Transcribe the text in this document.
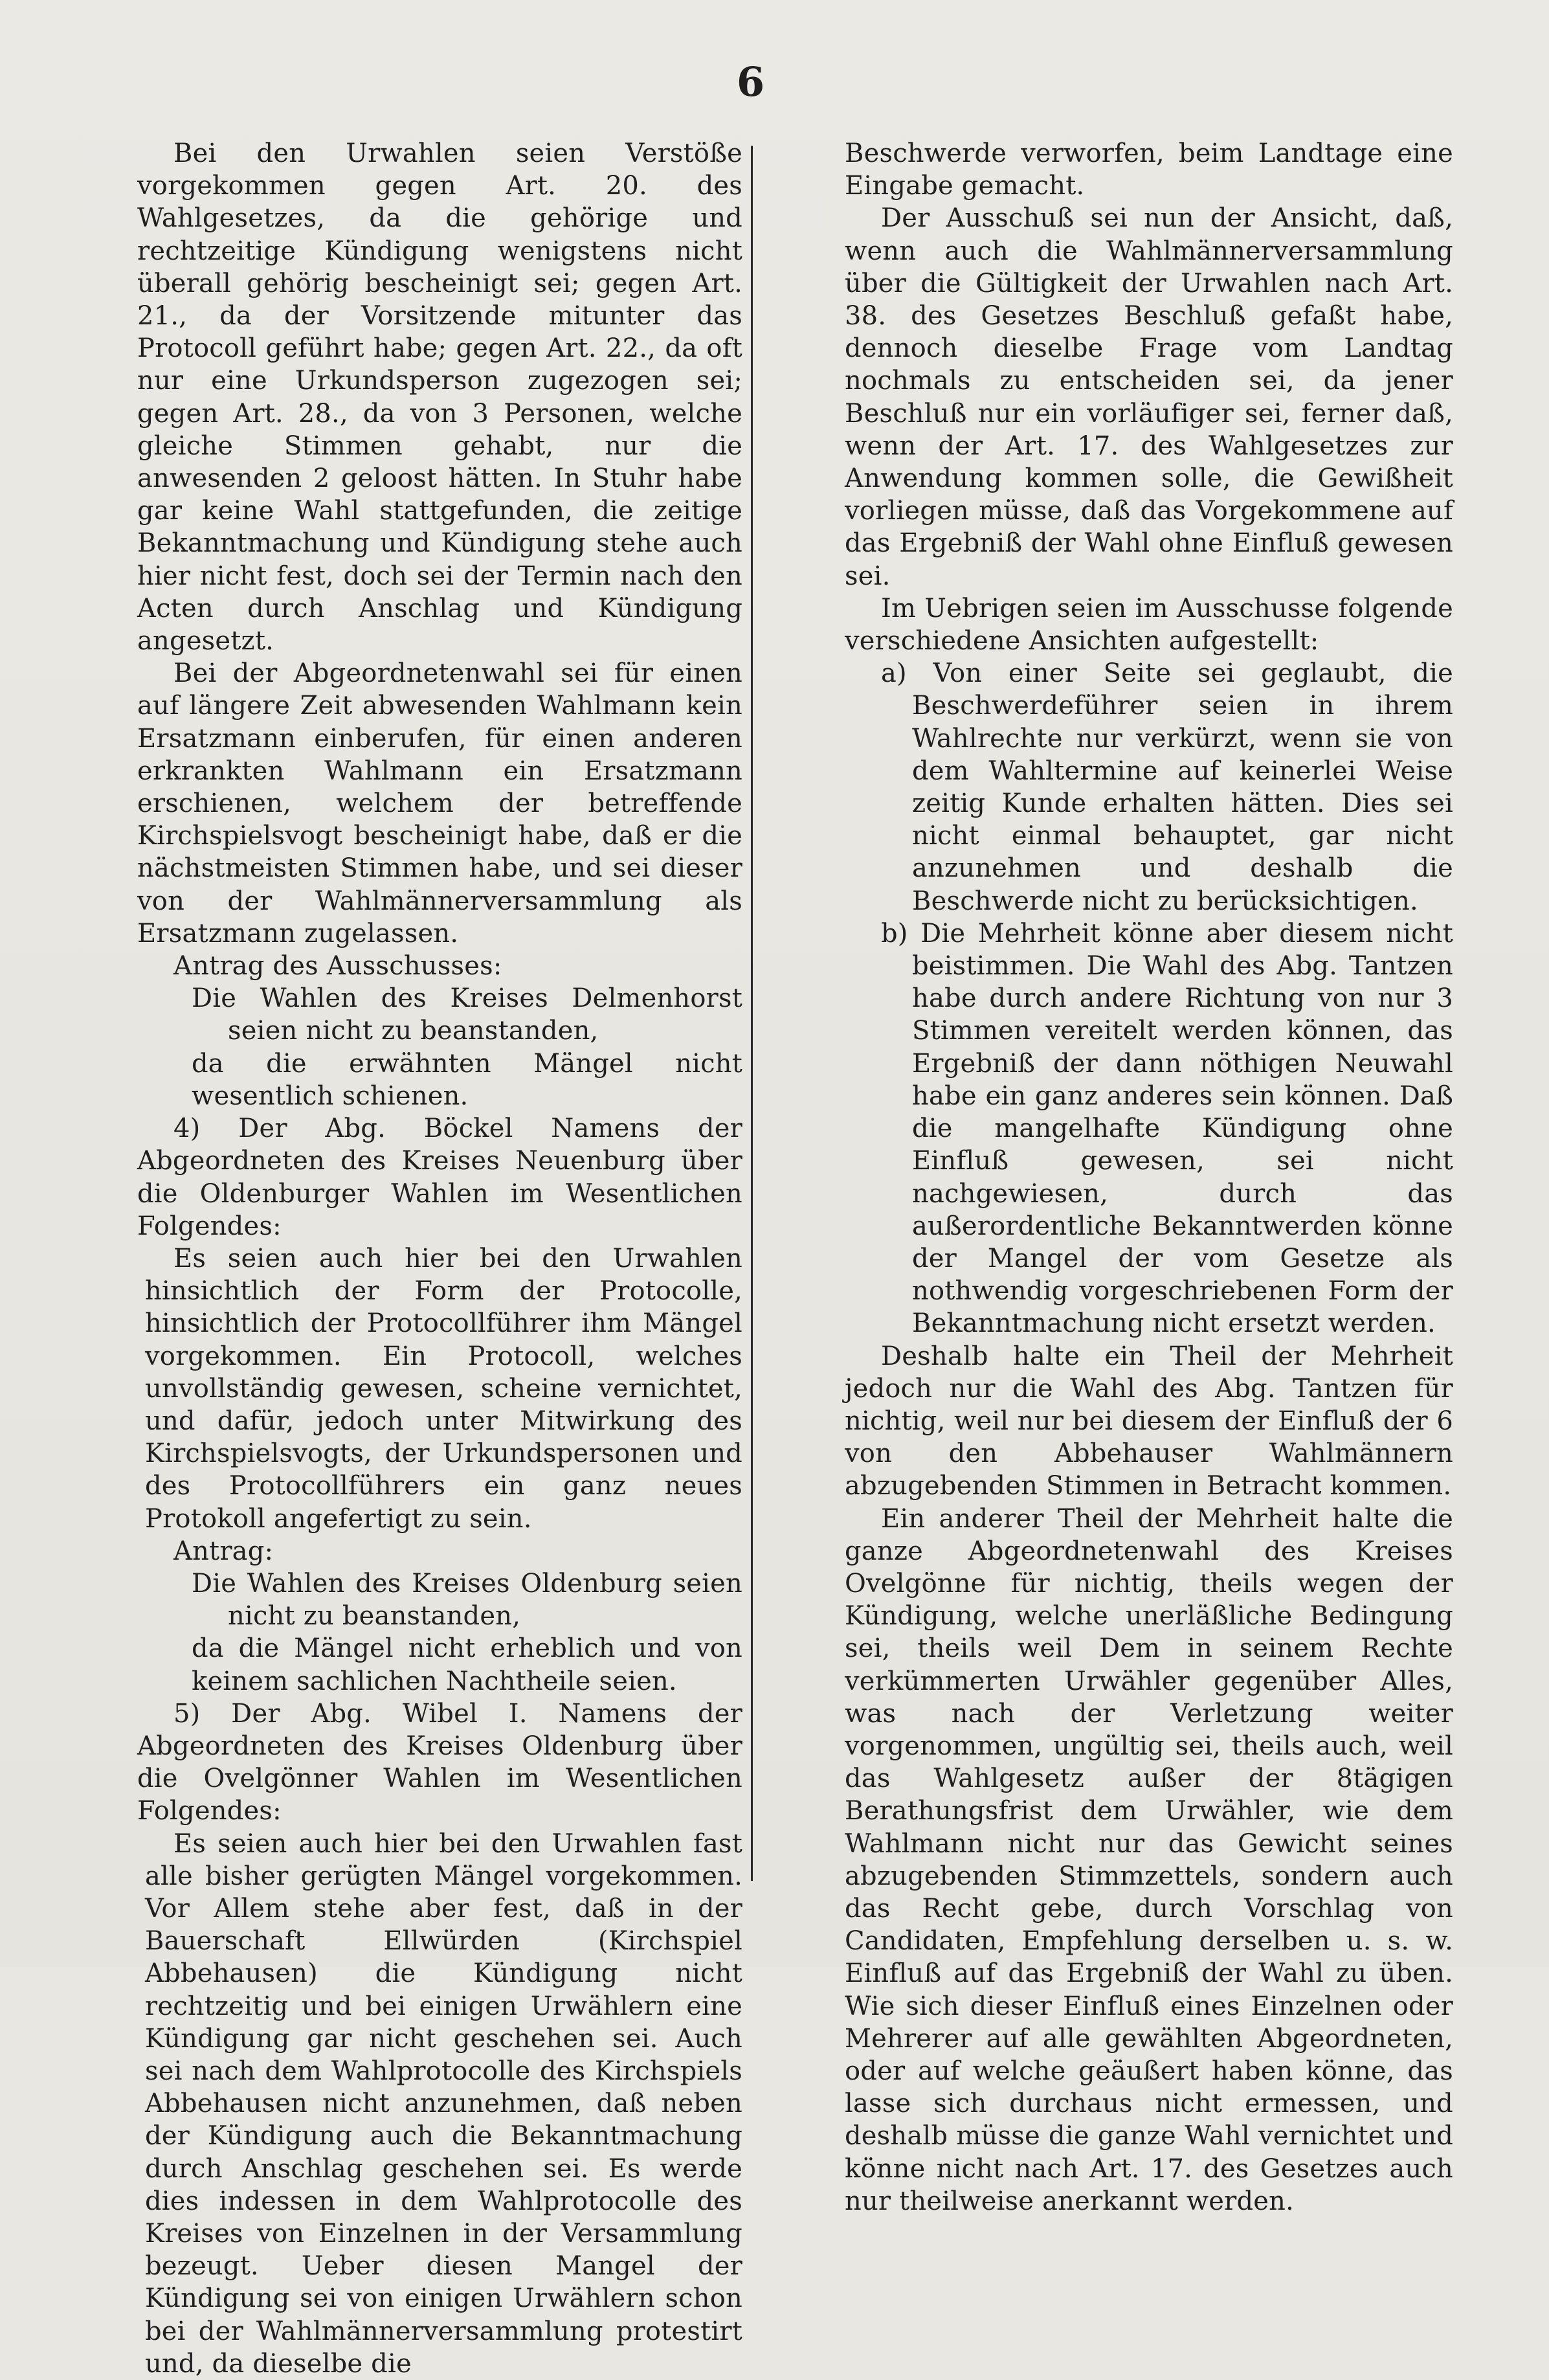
6

Bei den Urwahlen seien Verstöße vorgekommen gegen Art. 20. des Wahlgesetzes, da die gehörige und rechtzeitige Kündigung wenigstens nicht überall gehörig bescheinigt sei; gegen Art. 21., da der Vorsitzende mitunter das Protocoll geführt habe; gegen Art. 22., da oft nur eine Urkundsperson zugezogen sei; gegen Art. 28., da von 3 Personen, welche gleiche Stimmen gehabt, nur die anwesenden 2 geloost hätten. In Stuhr habe gar keine Wahl stattgefunden, die zeitige Bekanntmachung und Kündigung stehe auch hier nicht fest, doch sei der Termin nach den Acten durch Anschlag und Kündigung angesetzt.

Bei der Abgeordnetenwahl sei für einen auf längere Zeit abwesenden Wahlmann kein Ersatzmann einberufen, für einen anderen erkrankten Wahlmann ein Ersatzmann erschienen, welchem der betreffende Kirchspielsvogt bescheinigt habe, daß er die nächstmeisten Stimmen habe, und sei dieser von der Wahlmännerversammlung als Ersatzmann zugelassen.

Antrag des Ausschusses:

Die Wahlen des Kreises Delmenhorst seien nicht zu beanstanden,

da die erwähnten Mängel nicht wesentlich schienen.

4) Der Abg. Böckel Namens der Abgeordneten des Kreises Neuenburg über die Oldenburger Wahlen im Wesentlichen Folgendes:

Es seien auch hier bei den Urwahlen hinsichtlich der Form der Protocolle, hinsichtlich der Protocollführer ihm Mängel vorgekommen. Ein Protocoll, welches unvollständig gewesen, scheine vernichtet, und dafür, jedoch unter Mitwirkung des Kirchspielsvogts, der Urkundspersonen und des Protocollführers ein ganz neues Protokoll angefertigt zu sein.

Antrag:

Die Wahlen des Kreises Oldenburg seien nicht zu beanstanden,

da die Mängel nicht erheblich und von keinem sachlichen Nachtheile seien.

5) Der Abg. Wibel I. Namens der Abgeordneten des Kreises Oldenburg über die Ovelgönner Wahlen im Wesentlichen Folgendes:

Es seien auch hier bei den Urwahlen fast alle bisher gerügten Mängel vorgekommen. Vor Allem stehe aber fest, daß in der Bauerschaft Ellwürden (Kirchspiel Abbehausen) die Kündigung nicht rechtzeitig und bei einigen Urwählern eine Kündigung gar nicht geschehen sei. Auch sei nach dem Wahlprotocolle des Kirchspiels Abbehausen nicht anzunehmen, daß neben der Kündigung auch die Bekanntmachung durch Anschlag geschehen sei. Es werde dies indessen in dem Wahlprotocolle des Kreises von Einzelnen in der Versammlung bezeugt. Ueber diesen Mangel der Kündigung sei von einigen Urwählern schon bei der Wahlmännerversammlung protestirt und, da dieselbe die

Beschwerde verworfen, beim Landtage eine Eingabe gemacht.

Der Ausschuß sei nun der Ansicht, daß, wenn auch die Wahlmännerversammlung über die Gültigkeit der Urwahlen nach Art. 38. des Gesetzes Beschluß gefaßt habe, dennoch dieselbe Frage vom Landtag nochmals zu entscheiden sei, da jener Beschluß nur ein vorläufiger sei, ferner daß, wenn der Art. 17. des Wahlgesetzes zur Anwendung kommen solle, die Gewißheit vorliegen müsse, daß das Vorgekommene auf das Ergebniß der Wahl ohne Einfluß gewesen sei.

Im Uebrigen seien im Ausschusse folgende verschiedene Ansichten aufgestellt:

a) Von einer Seite sei geglaubt, die Beschwerdeführer seien in ihrem Wahlrechte nur verkürzt, wenn sie von dem Wahltermine auf keinerlei Weise zeitig Kunde erhalten hätten. Dies sei nicht einmal behauptet, gar nicht anzunehmen und deshalb die Beschwerde nicht zu berücksichtigen.

b) Die Mehrheit könne aber diesem nicht beistimmen. Die Wahl des Abg. Tantzen habe durch andere Richtung von nur 3 Stimmen vereitelt werden können, das Ergebniß der dann nöthigen Neuwahl habe ein ganz anderes sein können. Daß die mangelhafte Kündigung ohne Einfluß gewesen, sei nicht nachgewiesen, durch das außerordentliche Bekanntwerden könne der Mangel der vom Gesetze als nothwendig vorgeschriebenen Form der Bekanntmachung nicht ersetzt werden.

Deshalb halte ein Theil der Mehrheit jedoch nur die Wahl des Abg. Tantzen für nichtig, weil nur bei diesem der Einfluß der 6 von den Abbehauser Wahlmännern abzugebenden Stimmen in Betracht kommen.

Ein anderer Theil der Mehrheit halte die ganze Abgeordnetenwahl des Kreises Ovelgönne für nichtig, theils wegen der Kündigung, welche unerläßliche Bedingung sei, theils weil Dem in seinem Rechte verkümmerten Urwähler gegenüber Alles, was nach der Verletzung weiter vorgenommen, ungültig sei, theils auch, weil das Wahlgesetz außer der 8tägigen Berathungsfrist dem Urwähler, wie dem Wahlmann nicht nur das Gewicht seines abzugebenden Stimmzettels, sondern auch das Recht gebe, durch Vorschlag von Candidaten, Empfehlung derselben u. s. w. Einfluß auf das Ergebniß der Wahl zu üben. Wie sich dieser Einfluß eines Einzelnen oder Mehrerer auf alle gewählten Abgeordneten, oder auf welche geäußert haben könne, das lasse sich durchaus nicht ermessen, und deshalb müsse die ganze Wahl vernichtet und könne nicht nach Art. 17. des Gesetzes auch nur theilweise anerkannt werden.
